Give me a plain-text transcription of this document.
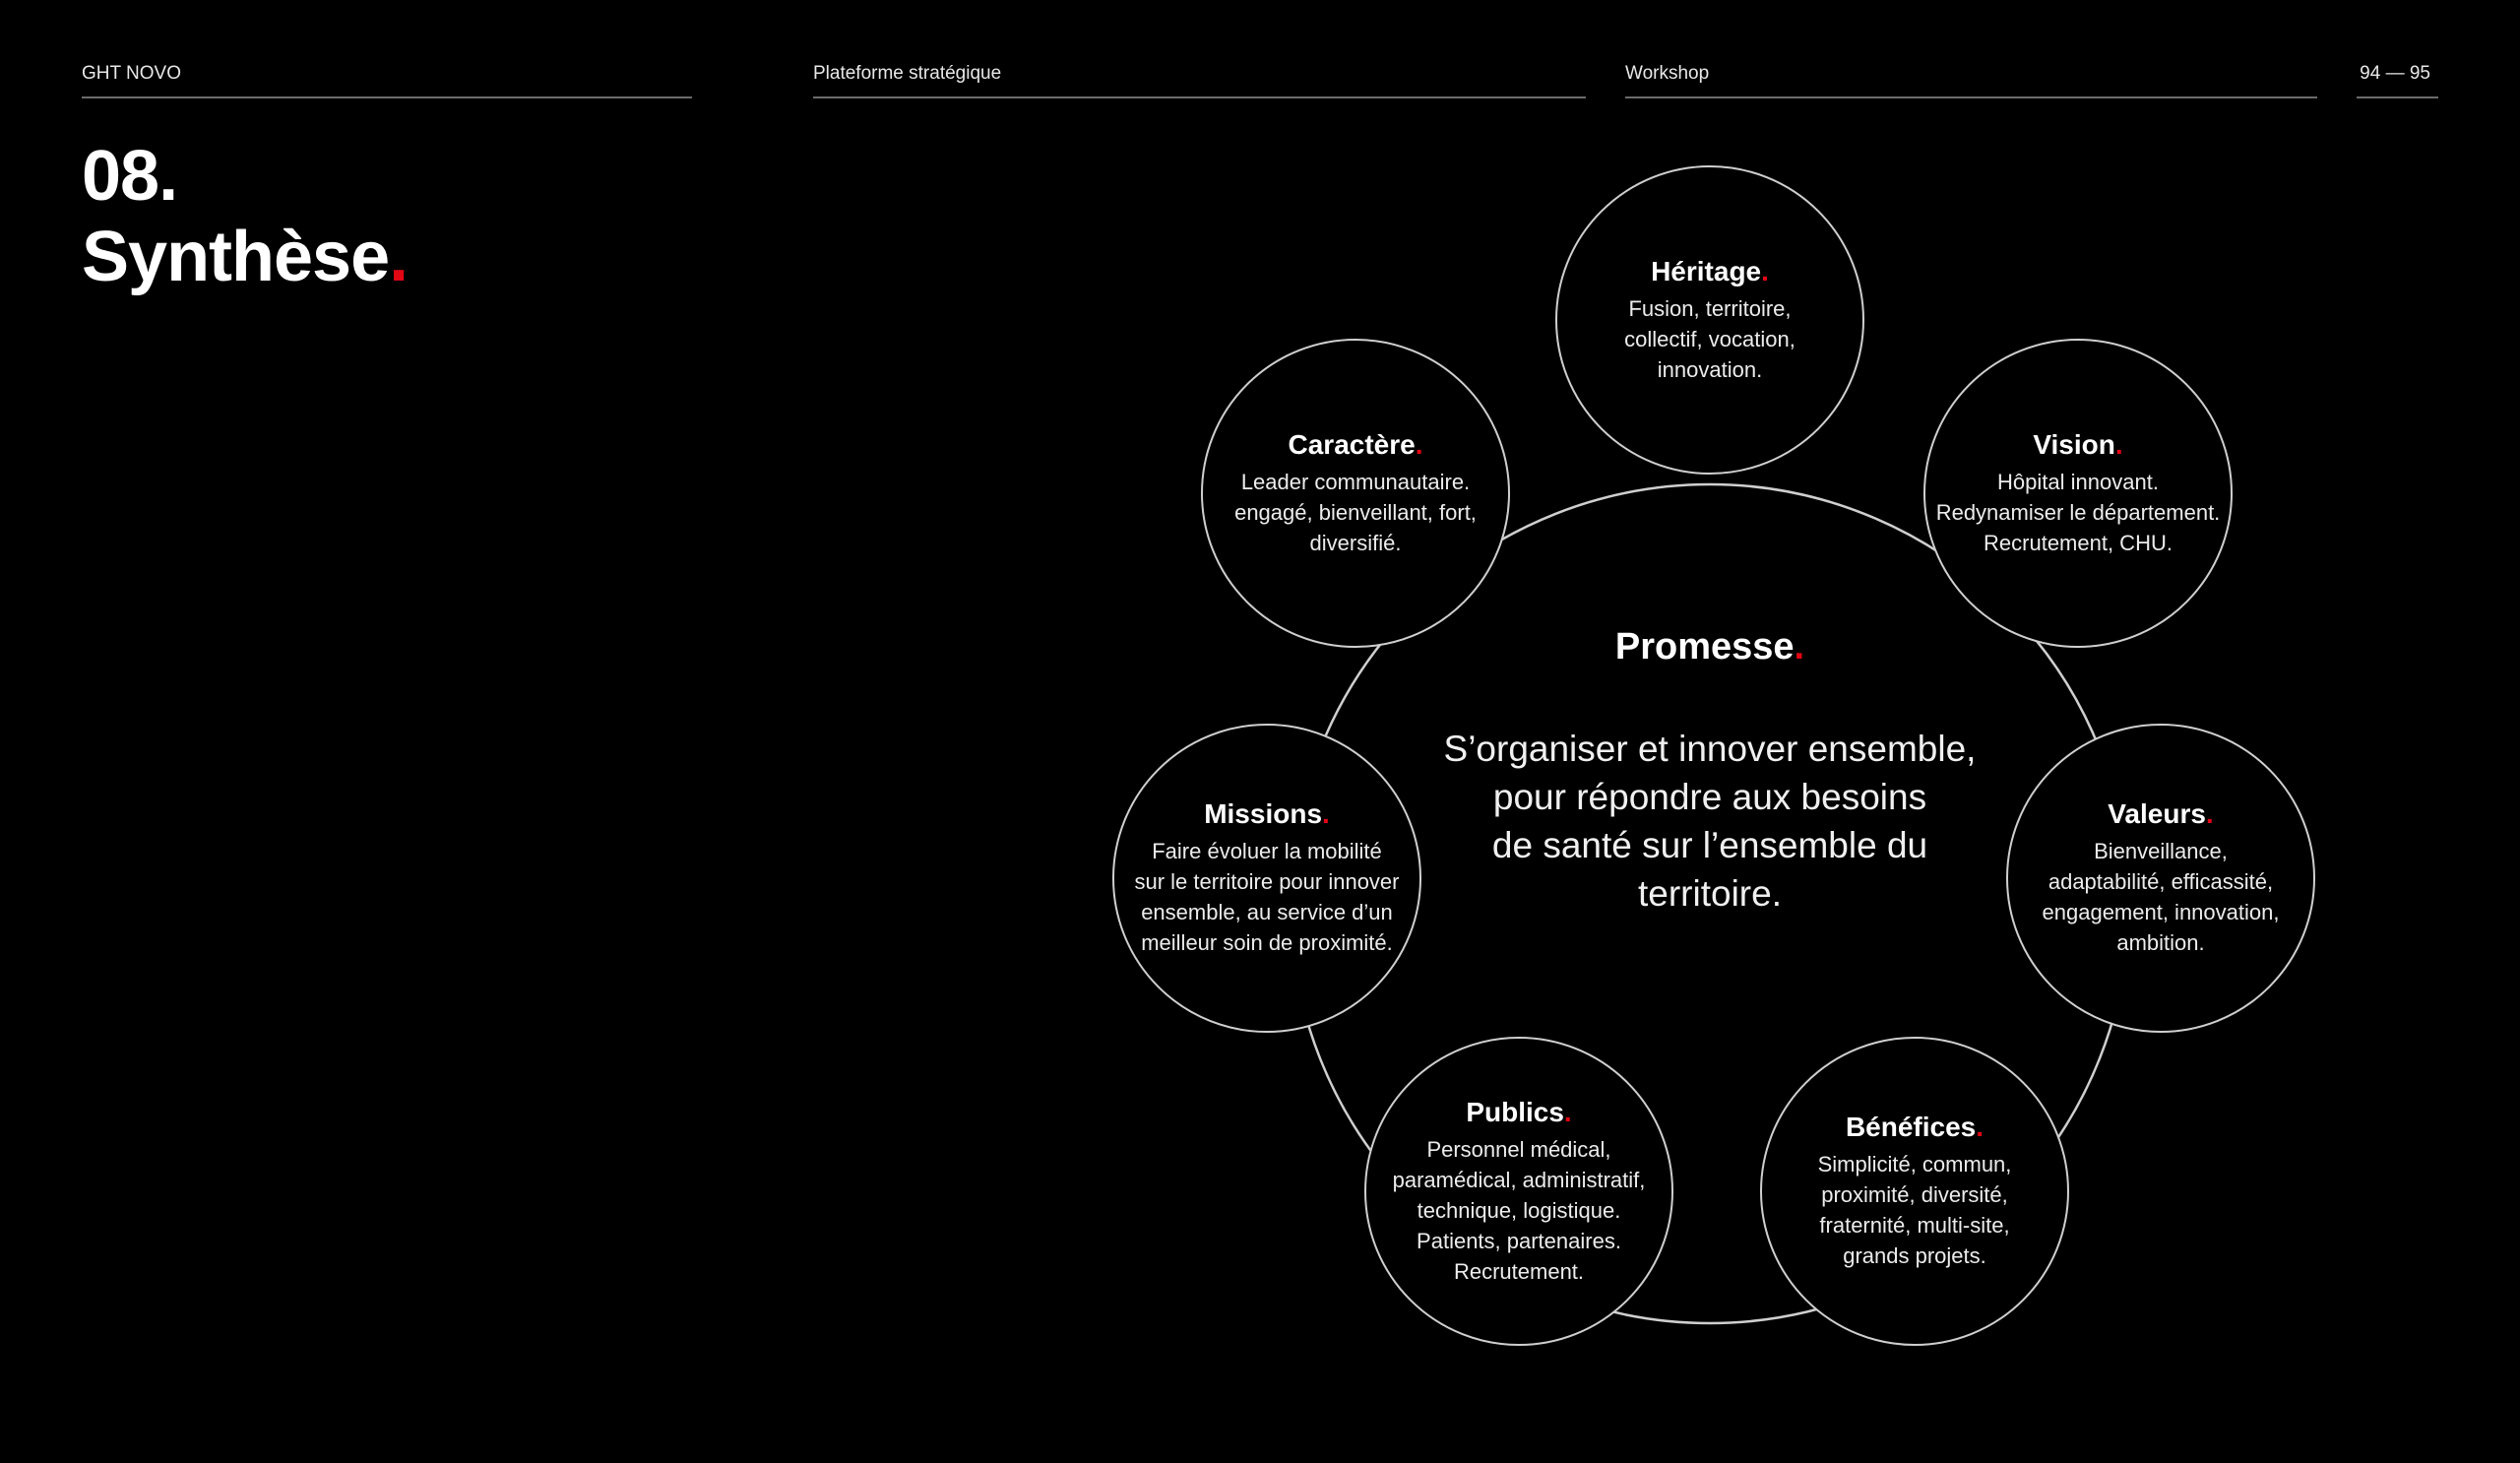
GHT NOVO	Plateforme stratégique	Workshop	94 — 95
08.
Synthèse.	Héritage.
Fusion, territoire,
collectif, vocation,
innovation.
Vision.
Hôpital innovant.
Redynamiser le département.
Recrutement, CHU.
Valeurs.
Bienveillance,
adaptabilité, efficassité,
engagement, innovation,
ambition.
Bénéfices.
Simplicité, commun,
proximité, diversité,
fraternité, multi-site,
grands projets.
Publics.
Personnel médical,
paramédical, administratif,
technique, logistique.
Patients, partenaires.
Recrutement.
Missions.
Faire évoluer la mobilité
sur le territoire pour innover
ensemble, au service d’un
meilleur soin de proximité.
Caractère.
Leader communautaire.
engagé, bienveillant, fort,
diversifié.
Promesse.
S’organiser et innover ensemble,
pour répondre aux besoins
de santé sur l’ensemble du
territoire.
